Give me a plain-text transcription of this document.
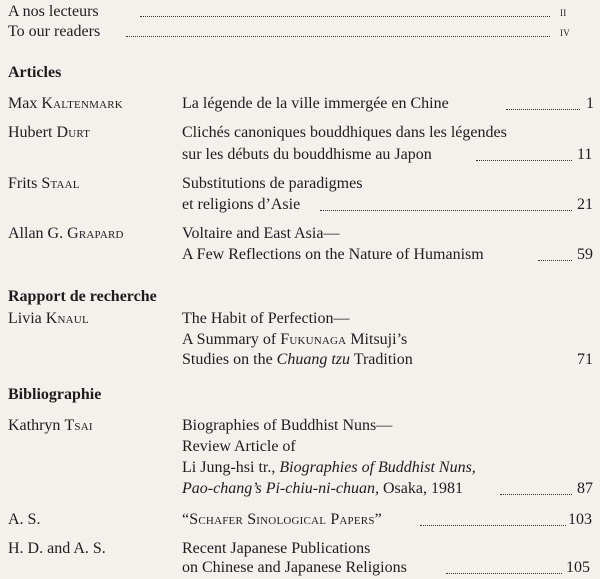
A nos lecteurs	ii
To our readers	iv
Articles
Max Kaltenmark	La légende de la ville immergée en Chine	1
Hubert Durt	Clichés canoniques bouddhiques dans les légendes
sur les débuts du bouddhisme au Japon	11
Frits Staal	Substitutions de paradigmes
et religions d’Asie	21
Allan G. Grapard	Voltaire and East Asia—
A Few Reflections on the Nature of Humanism	59
Rapport de recherche
Livia Knaul	The Habit of Perfection—
A Summary of Fukunaga Mitsuji’s
Studies on the Chuang tzu Tradition	71
Bibliographie
Kathryn Tsai	Biographies of Buddhist Nuns—
Review Article of
Li Jung-hsi tr., Biographies of Buddhist Nuns,
Pao-chang’s Pi-chiu-ni-chuan, Osaka, 1981	87
A. S.	“Schafer Sinological Papers”	103
H. D. and A. S.	Recent Japanese Publications
on Chinese and Japanese Religions	105
